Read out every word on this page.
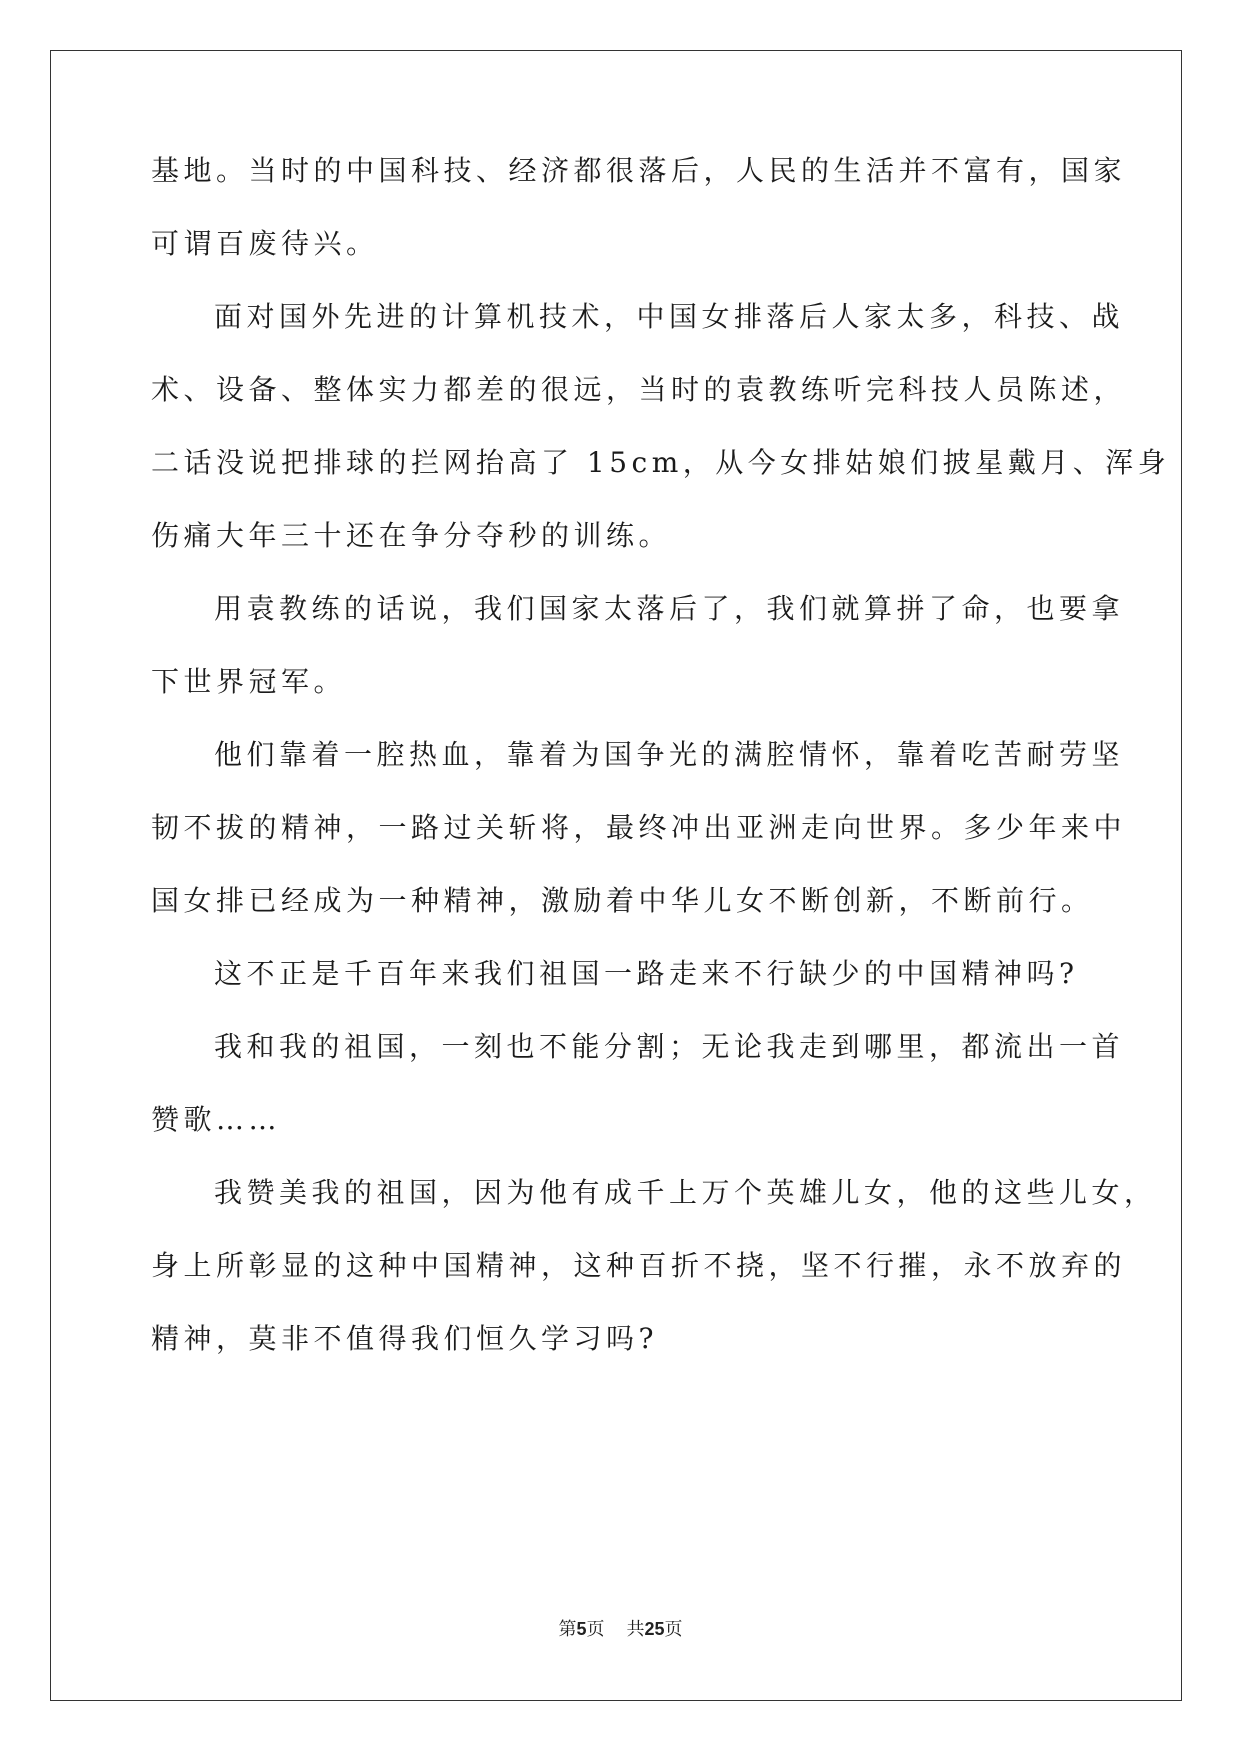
基地。当时的中国科技、经济都很落后，人民的生活并不富有，国家
可谓百废待兴。
面对国外先进的计算机技术，中国女排落后人家太多，科技、战
术、设备、整体实力都差的很远，当时的袁教练听完科技人员陈述，
二话没说把排球的拦网抬高了 15cm，从今女排姑娘们披星戴月、浑身
伤痛大年三十还在争分夺秒的训练。
用袁教练的话说，我们国家太落后了，我们就算拼了命，也要拿
下世界冠军。
他们靠着一腔热血，靠着为国争光的满腔情怀，靠着吃苦耐劳坚
韧不拔的精神，一路过关斩将，最终冲出亚洲走向世界。多少年来中
国女排已经成为一种精神，激励着中华儿女不断创新，不断前行。
这不正是千百年来我们祖国一路走来不行缺少的中国精神吗?
我和我的祖国，一刻也不能分割；无论我走到哪里，都流出一首
赞歌……
我赞美我的祖国，因为他有成千上万个英雄儿女，他的这些儿女，
身上所彰显的这种中国精神，这种百折不挠，坚不行摧，永不放弃的
精神，莫非不值得我们恒久学习吗?
第5页 共25页
